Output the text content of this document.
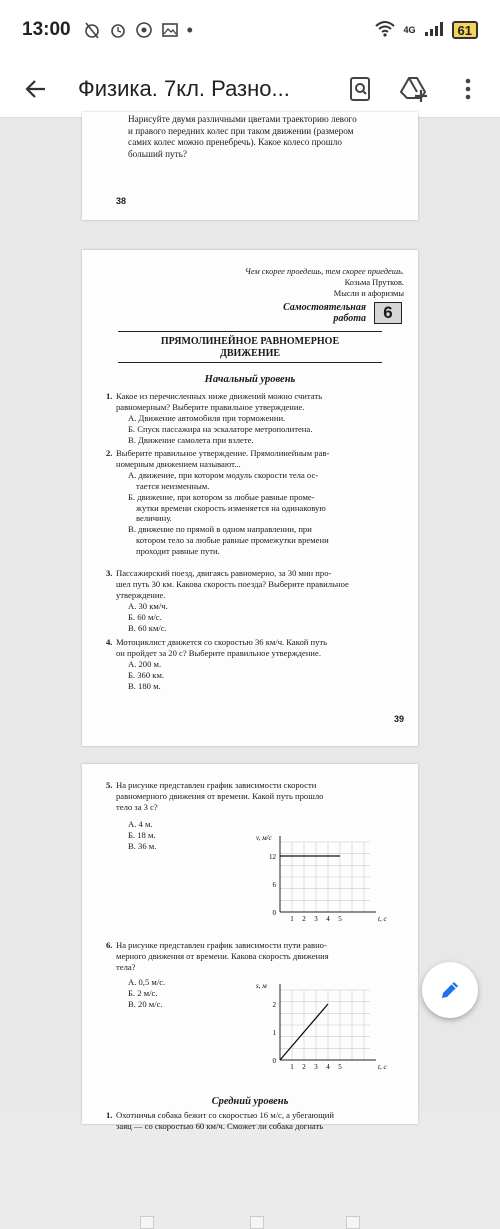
13:00	•	4G	61
Физика. 7кл. Разно...
Нарисуйте двумя различными цветами траекторию левого
и правого передних колес при таком движении (размером
самих колес можно пренебречь). Какое колесо прошло
больший путь?
38
Чем скорее проедешь, тем скорее приедешь.
Козьма Прутков.
Мысли и афоризмы
Самостоятельная
работа	6
ПРЯМОЛИНЕЙНОЕ РАВНОМЕРНОЕ
ДВИЖЕНИЕ
Начальный уровень
1. Какое из перечисленных ниже движений можно считать
равномерным? Выберите правильное утверждение.
А. Движение автомобиля при торможении.
Б. Спуск пассажира на эскалаторе метрополитена.
В. Движение самолета при взлете.
2. Выберите правильное утверждение. Прямолинейным рав-
номерным движением называют...
А. движение, при котором модуль скорости тела ос-
тается неизменным.
Б. движение, при котором за любые равные проме-
жутки времени скорость изменяется на одинаковую
величину.
В. движение по прямой в одном направлении, при
котором тело за любые равные промежутки времени
проходит равные пути.
3. Пассажирский поезд, двигаясь равномерно, за 30 мин про-
шел путь 30 км. Какова скорость поезда? Выберите правильное
утверждение.
А. 30 км/ч.
Б. 60 м/с.
В. 60 км/с.
4. Мотоциклист движется со скоростью 36 км/ч. Какой путь
он пройдет за 20 с? Выберите правильное утверждение.
А. 200 м.
Б. 360 км.
В. 180 м.
39
5. На рисунке представлен график зависимости скорости
равномерного движения от времени. Какой путь прошло
тело за 3 с?
А. 4 м.
Б. 18 м.
В. 36 м.
1 2 3 4 5
0
6
12
t, с
v, м/с
6. На рисунке представлен график зависимости пути равно-
мерного движения от времени. Какова скорость движения
тела?
А. 0,5 м/с.
Б. 2 м/с.
В. 20 м/с.
1 2 3 4 5
0
1
2
t, с
s, м
Средний уровень
1. Охотничья собака бежит со скоростью 16 м/с, а убегающий
заяц — со скоростью 60 км/ч. Сможет ли собака догнать
